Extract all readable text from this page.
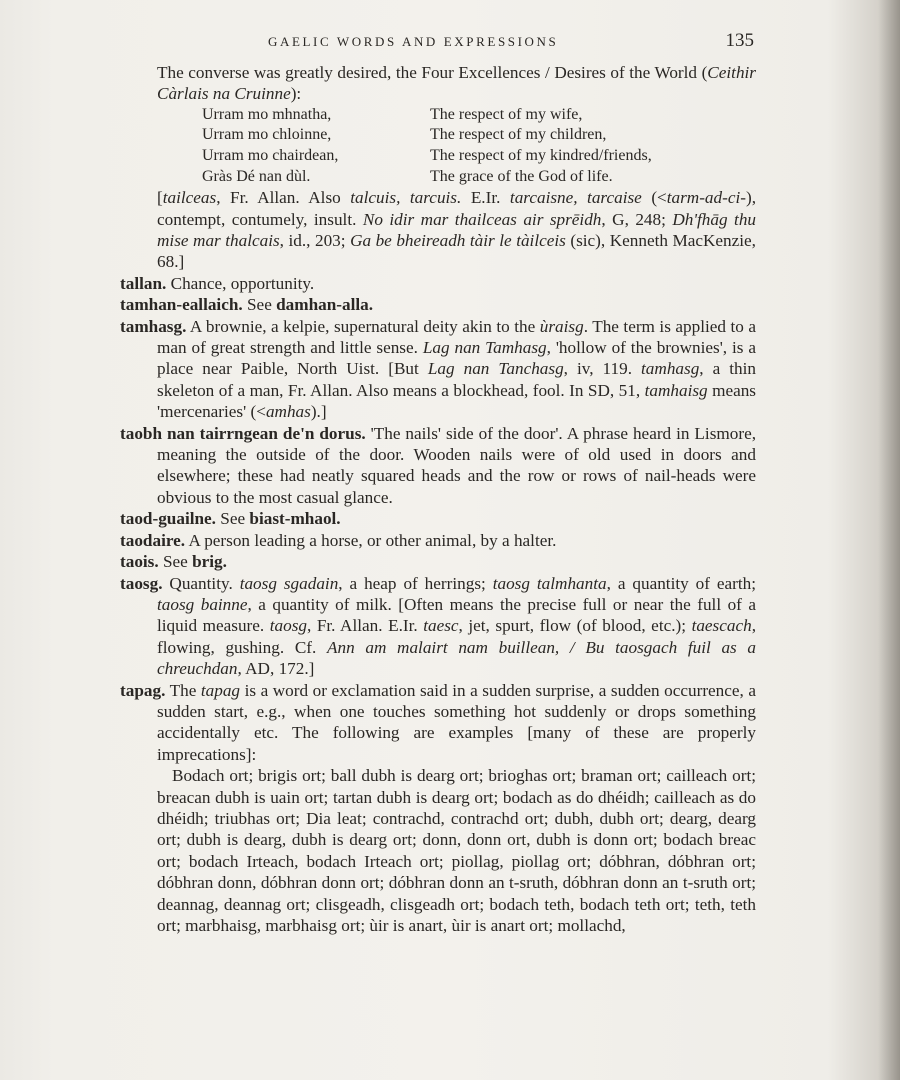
GAELIC WORDS AND EXPRESSIONS	135

The converse was greatly desired, the Four Excellences / Desires of the World (Ceithir Càrlais na Cruinne):

Urram mo mhnatha,	The respect of my wife,
Urram mo chloinne,	The respect of my children,
Urram mo chairdean,	The respect of my kindred/friends,
Gràs Dé nan dùl.	The grace of the God of life.

[tailceas, Fr. Allan. Also talcuis, tarcuis. E.Ir. tarcaisne, tarcaise (<tarm-ad-ci-), contempt, contumely, insult. No idir mar thailceas air sprēidh, G, 248; Dh'fhāg thu mise mar thalcais, id., 203; Ga be bheireadh tàir le tàilceis (sic), Kenneth MacKenzie, 68.]

tallan. Chance, opportunity.

tamhan-eallaich. See damhan-alla.

tamhasg. A brownie, a kelpie, supernatural deity akin to the ùraisg. The term is applied to a man of great strength and little sense. Lag nan Tamhasg, 'hollow of the brownies', is a place near Paible, North Uist. [But Lag nan Tanchasg, iv, 119. tamhasg, a thin skeleton of a man, Fr. Allan. Also means a blockhead, fool. In SD, 51, tamhaisg means 'mercenaries' (<amhas).]

taobh nan tairrngean de'n dorus. 'The nails' side of the door'. A phrase heard in Lismore, meaning the outside of the door. Wooden nails were of old used in doors and elsewhere; these had neatly squared heads and the row or rows of nail-heads were obvious to the most casual glance.

taod-guailne. See biast-mhaol.

taodaire. A person leading a horse, or other animal, by a halter.

taois. See brig.

taosg. Quantity. taosg sgadain, a heap of herrings; taosg talmhanta, a quantity of earth; taosg bainne, a quantity of milk. [Often means the precise full or near the full of a liquid measure. taosg, Fr. Allan. E.Ir. taesc, jet, spurt, flow (of blood, etc.); taescach, flowing, gushing. Cf. Ann am malairt nam buillean, / Bu taosgach fuil as a chreuchdan, AD, 172.]

tapag. The tapag is a word or exclamation said in a sudden surprise, a sudden occurrence, a sudden start, e.g., when one touches something hot suddenly or drops something accidentally etc. The following are examples [many of these are properly imprecations]:

Bodach ort; brigis ort; ball dubh is dearg ort; brioghas ort; braman ort; cailleach ort; breacan dubh is uain ort; tartan dubh is dearg ort; bodach as do dhéidh; cailleach as do dhéidh; triubhas ort; Dia leat; contrachd, contrachd ort; dubh, dubh ort; dearg, dearg ort; dubh is dearg, dubh is dearg ort; donn, donn ort, dubh is donn ort; bodach breac ort; bodach Irteach, bodach Irteach ort; piollag, piollag ort; dóbhran, dóbhran ort; dóbhran donn, dóbhran donn ort; dóbhran donn an t-sruth, dóbhran donn an t-sruth ort; deannag, deannag ort; clisgeadh, clisgeadh ort; bodach teth, bodach teth ort; teth, teth ort; marbhaisg, marbhaisg ort; ùir is anart, ùir is anart ort; mollachd,
